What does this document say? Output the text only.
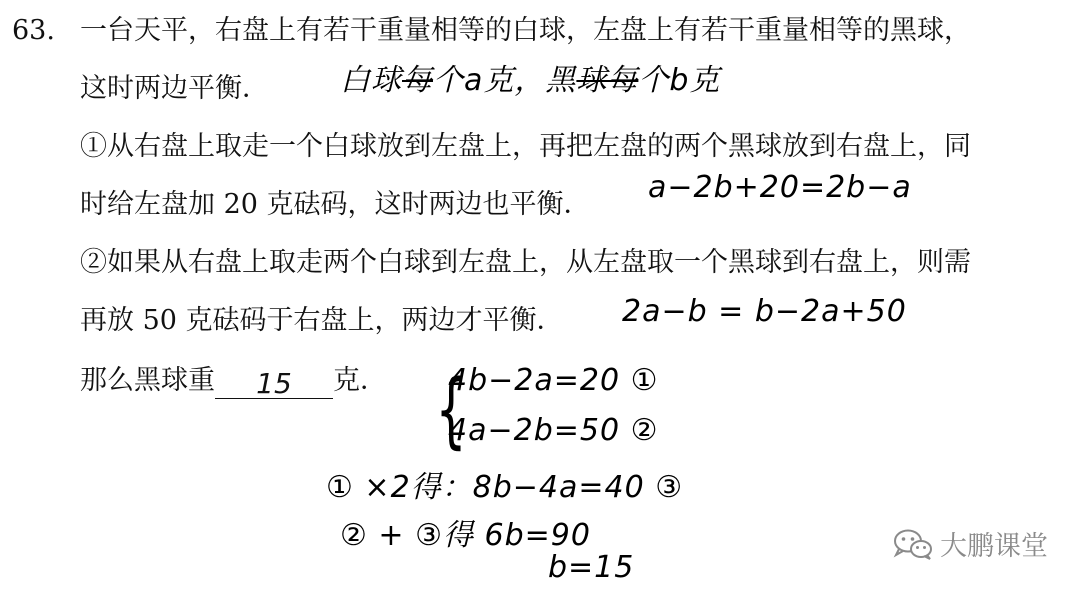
63. 一台天平，右盘上有若干重量相等的白球，左盘上有若干重量相等的黑球，
这时两边平衡． 白球每个a克，黑球每个b克
①从右盘上取走一个白球放到左盘上，再把左盘的两个黑球放到右盘上，同
时给左盘加 20 克砝码，这时两边也平衡． a−2b+20=2b−a
②如果从右盘上取走两个白球到左盘上，从左盘取一个黑球到右盘上，则需
再放 50 克砝码于右盘上，两边才平衡． 2a−b = b−2a+50
那么黑球重 15 克． {
4b−2a=20 ①
4a−2b=50 ②
① ×2得：8b−4a=40 ③
② + ③得 6b=90
b=15
大鹏课堂
